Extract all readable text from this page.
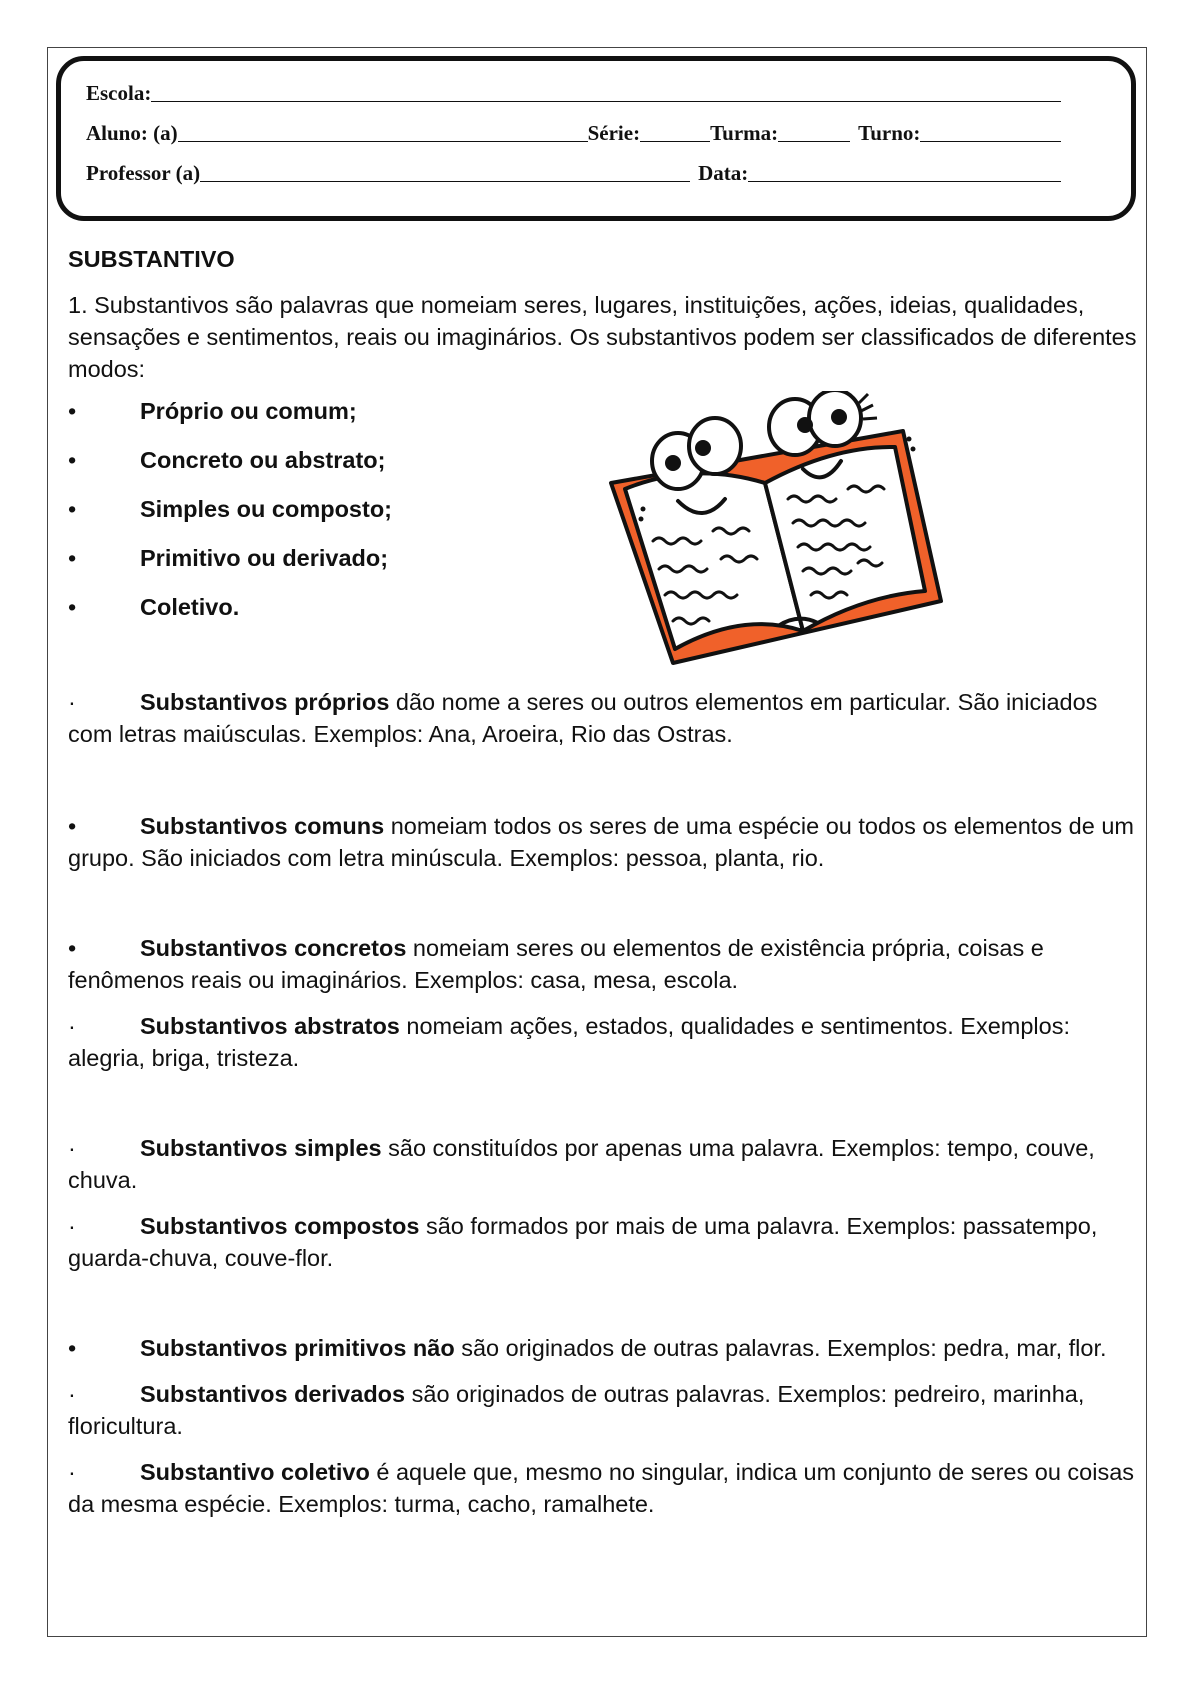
Escola:
Aluno: (a)	Série:	Turma:	Turno:
Professor (a)	Data:

SUBSTANTIVO

1. Substantivos são palavras que nomeiam seres, lugares, instituições, ações, ideias, qualidades, sensações e sentimentos, reais ou imaginários. Os substantivos podem ser classificados de diferentes modos:

•	Próprio ou comum;
•	Concreto ou abstrato;
•	Simples ou composto;
•	Primitivo ou derivado;
•	Coletivo.

·	Substantivos próprios dão nome a seres ou outros elementos em particular. São iniciados com letras maiúsculas. Exemplos: Ana, Aroeira, Rio das Ostras.

•	Substantivos comuns nomeiam todos os seres de uma espécie ou todos os elementos de um grupo. São iniciados com letra minúscula. Exemplos: pessoa, planta, rio.

•	Substantivos concretos nomeiam seres ou elementos de existência própria, coisas e fenômenos reais ou imaginários. Exemplos: casa, mesa, escola.

·	Substantivos abstratos nomeiam ações, estados, qualidades e sentimentos. Exemplos: alegria, briga, tristeza.

·	Substantivos simples são constituídos por apenas uma palavra. Exemplos: tempo, couve, chuva.

·	Substantivos compostos são formados por mais de uma palavra. Exemplos: passatempo, guarda-chuva, couve-flor.

•	Substantivos primitivos não são originados de outras palavras. Exemplos: pedra, mar, flor.

·	Substantivos derivados são originados de outras palavras. Exemplos: pedreiro, marinha, floricultura.

·	Substantivo coletivo é aquele que, mesmo no singular, indica um conjunto de seres ou coisas da mesma espécie. Exemplos: turma, cacho, ramalhete.
